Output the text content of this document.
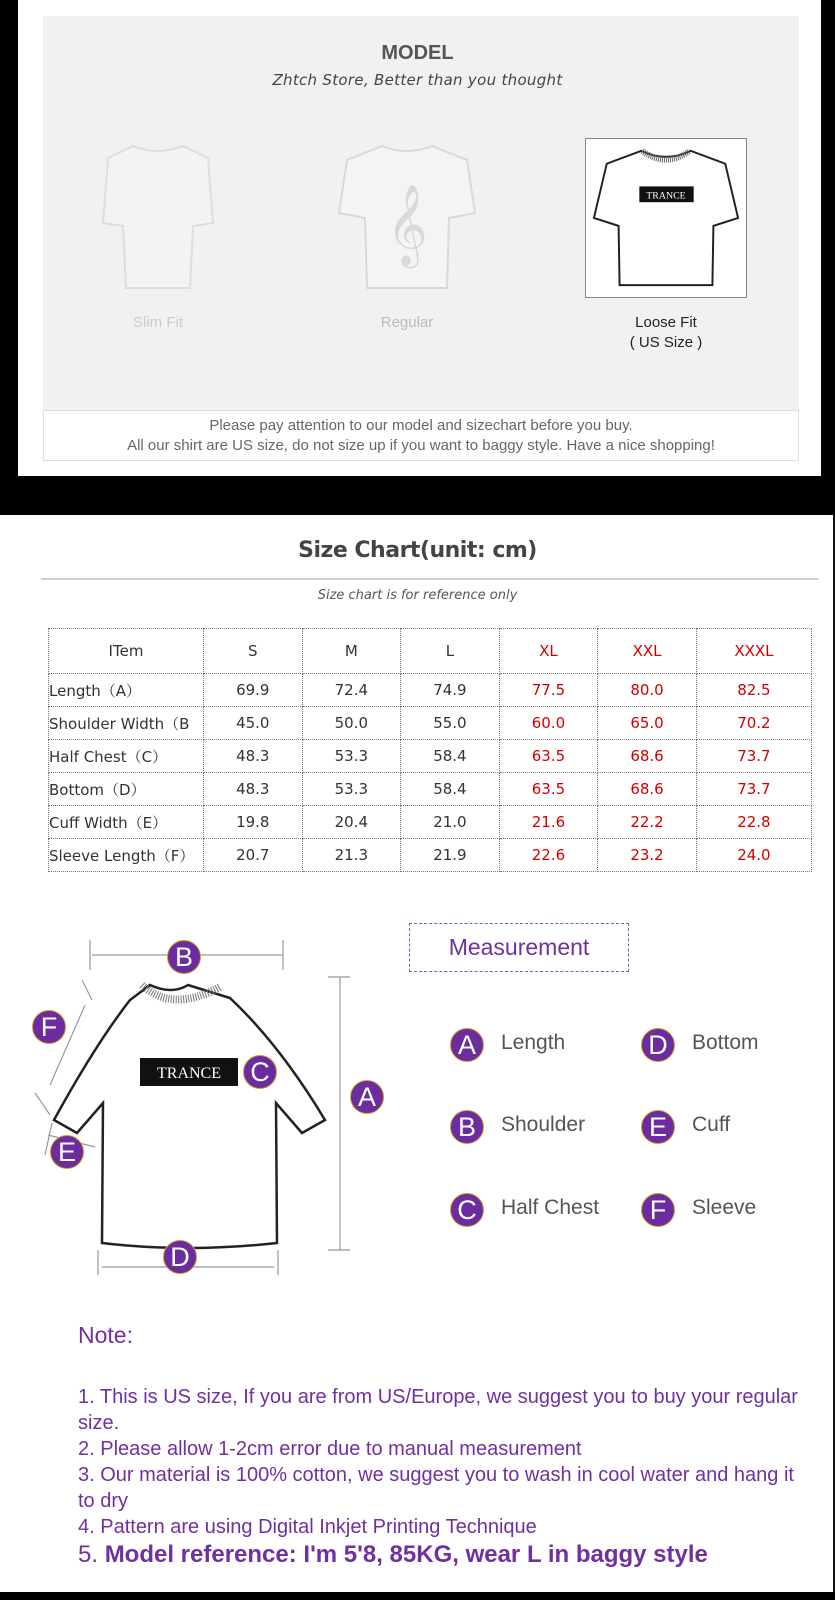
MODEL
Zhtch Store, Better than you thought
𝄞	TRANCE
Slim Fit	Regular	Loose Fit
( US Size )
Please pay attention to our model and sizechart before you buy.
All our shirt are US size, do not size up if you want to baggy style. Have a nice shopping!
Size Chart(unit: cm)
Size chart is for reference only
ITem	S	M	L	XL	XXL	XXXL
Length（A）	69.9	72.4	74.9	77.5	80.0	82.5
Shoulder Width（B	45.0	50.0	55.0	60.0	65.0	70.2
Half Chest（C）	48.3	53.3	58.4	63.5	68.6	73.7
Bottom（D）	48.3	53.3	58.4	63.5	68.6	73.7
Cuff Width（E）	19.8	20.4	21.0	21.6	22.2	22.8
Sleeve Length（F）	20.7	21.3	21.9	22.6	23.2	24.0
TRANCE
B
F
C
A
E
D
Measurement
A	Length
B	Shoulder
C	Half Chest
D	Bottom
E	Cuff
F	Sleeve
Note:
1. This is US size, If you are from US/Europe, we suggest you to buy your regular size.
2. Please allow 1-2cm error due to manual measurement
3. Our material is 100% cotton, we suggest you to wash in cool water and hang it to dry
4. Pattern are using Digital Inkjet Printing Technique
5. Model reference: I'm 5'8, 85KG, wear L in baggy style
